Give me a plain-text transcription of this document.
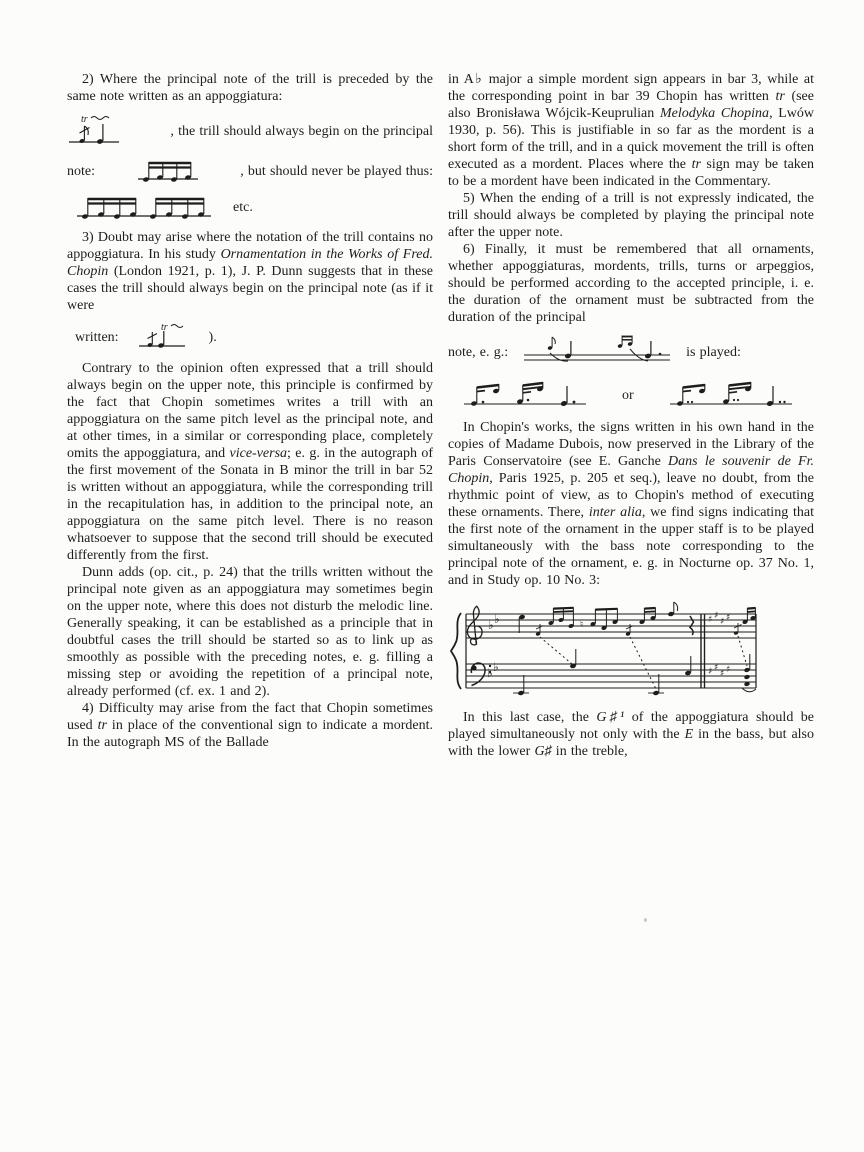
2) Where the principal note of the trill is preceded by the same note written as an appoggiatura:

tr
, the trill should always begin on the principal
note:	, but should never be played thus:
etc.

3) Doubt may arise where the notation of the trill contains no appoggiatura. In his study Ornamentation in the Works of Fred. Chopin (London 1921, p. 1), J. P. Dunn suggests that in these cases the trill should always begin on the principal note (as if it were

written:
tr
).

Contrary to the opinion often expressed that a trill should always begin on the upper note, this principle is confirmed by the fact that Chopin sometimes writes a trill with an appoggiatura on the same pitch level as the principal note, and at other times, in a similar or corresponding place, completely omits the appoggiatura, and vice-versa; e. g. in the autograph of the first movement of the Sonata in B minor the trill in bar 52 is written without an appoggiatura, while the corresponding trill in the recapitulation has, in addition to the principal note, an appoggiatura on the same pitch level. There is no reason whatsoever to suppose that the second trill should be executed differently from the first.

Dunn adds (op. cit., p. 24) that the trills written without the principal note given as an appoggiatura may sometimes begin on the upper note, where this does not disturb the melodic line. Generally speaking, it can be established as a principle that in doubtful cases the trill should be started so as to link up as smoothly as possible with the preceding notes, e. g. filling a missing step or avoiding the repetition of a principal note, already performed (cf. ex. 1 and 2).

4) Difficulty may arise from the fact that Chopin sometimes used tr in place of the conventional sign to indicate a mordent. In the autograph MS of the Ballade

in A♭ major a simple mordent sign appears in bar 3, while at the corresponding point in bar 39 Chopin has written tr (see also Bronisława Wójcik-Keuprulian Melodyka Chopina, Lwów 1930, p. 56). This is justifiable in so far as the mordent is a short form of the trill, and in a quick movement the trill is often executed as a mordent. Places where the tr sign may be taken to be a mordent have been indicated in the Commentary.

5) When the ending of a trill is not expressly indicated, the trill should always be completed by playing the principal note after the upper note.

6) Finally, it must be remembered that all ornaments, whether appoggiaturas, mordents, trills, turns or arpeggios, should be performed according to the accepted principle, i. e. the duration of the ornament must be subtracted from the duration of the principal

note, e. g.:	is played:
or

In Chopin's works, the signs written in his own hand in the copies of Madame Dubois, now preserved in the Library of the Paris Conservatoire (see E. Ganche Dans le souvenir de Fr. Chopin, Paris 1925, p. 205 et seq.), leave no doubt, from the rhythmic point of view, as to Chopin's method of executing these ornaments. There, inter alia, we find signs indicating that the first note of the ornament in the upper staff is to be played simultaneously with the bass note corresponding to the principal note of the ornament, e. g. in Nocturne op. 37 No. 1, and in Study op. 10 No. 3:

♭ ♭
♭ ♭
♮	♯ ♯
♯ ♯
♯ ♯
♯ ♯

In this last case, the G♯¹ of the appoggiatura should be played simultaneously not only with the E in the bass, but also with the lower G♯ in the treble,
